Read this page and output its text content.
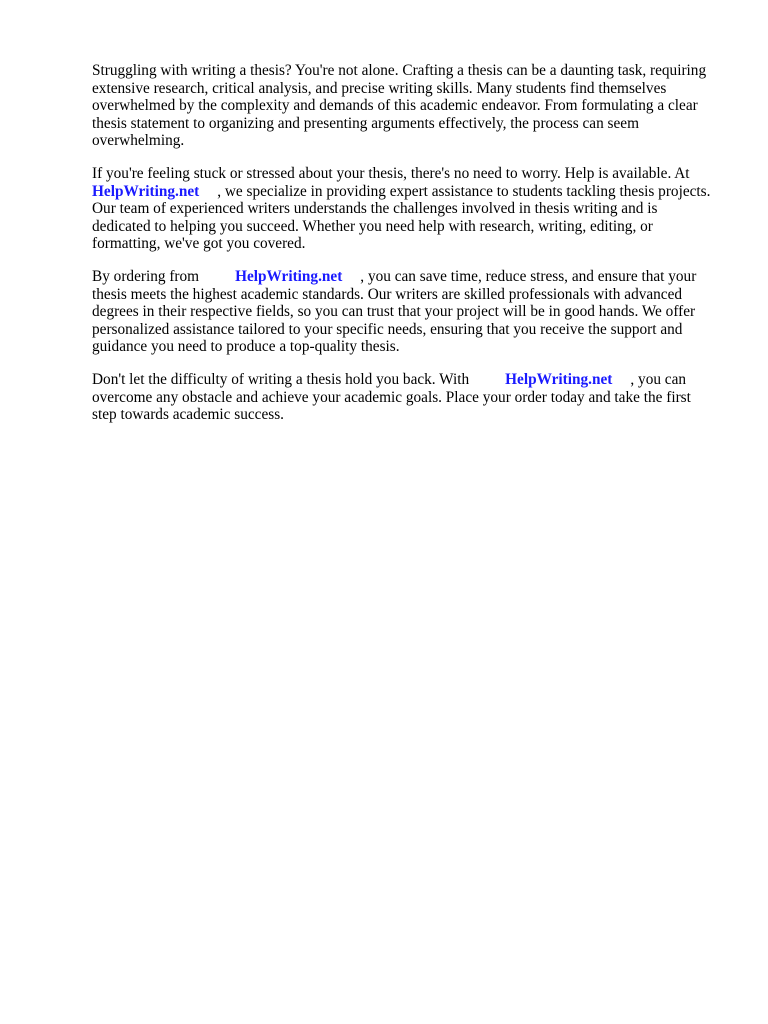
Struggling with writing a thesis? You're not alone. Crafting a thesis can be a daunting task, requiring
extensive research, critical analysis, and precise writing skills. Many students find themselves
overwhelmed by the complexity and demands of this academic endeavor. From formulating a clear
thesis statement to organizing and presenting arguments effectively, the process can seem
overwhelming.

If you're feeling stuck or stressed about your thesis, there's no need to worry. Help is available. At
HelpWriting.net , we specialize in providing expert assistance to students tackling thesis projects.
Our team of experienced writers understands the challenges involved in thesis writing and is
dedicated to helping you succeed. Whether you need help with research, writing, editing, or
formatting, we've got you covered.

By ordering from HelpWriting.net , you can save time, reduce stress, and ensure that your
thesis meets the highest academic standards. Our writers are skilled professionals with advanced
degrees in their respective fields, so you can trust that your project will be in good hands. We offer
personalized assistance tailored to your specific needs, ensuring that you receive the support and
guidance you need to produce a top-quality thesis.

Don't let the difficulty of writing a thesis hold you back. With HelpWriting.net , you can
overcome any obstacle and achieve your academic goals. Place your order today and take the first
step towards academic success.
